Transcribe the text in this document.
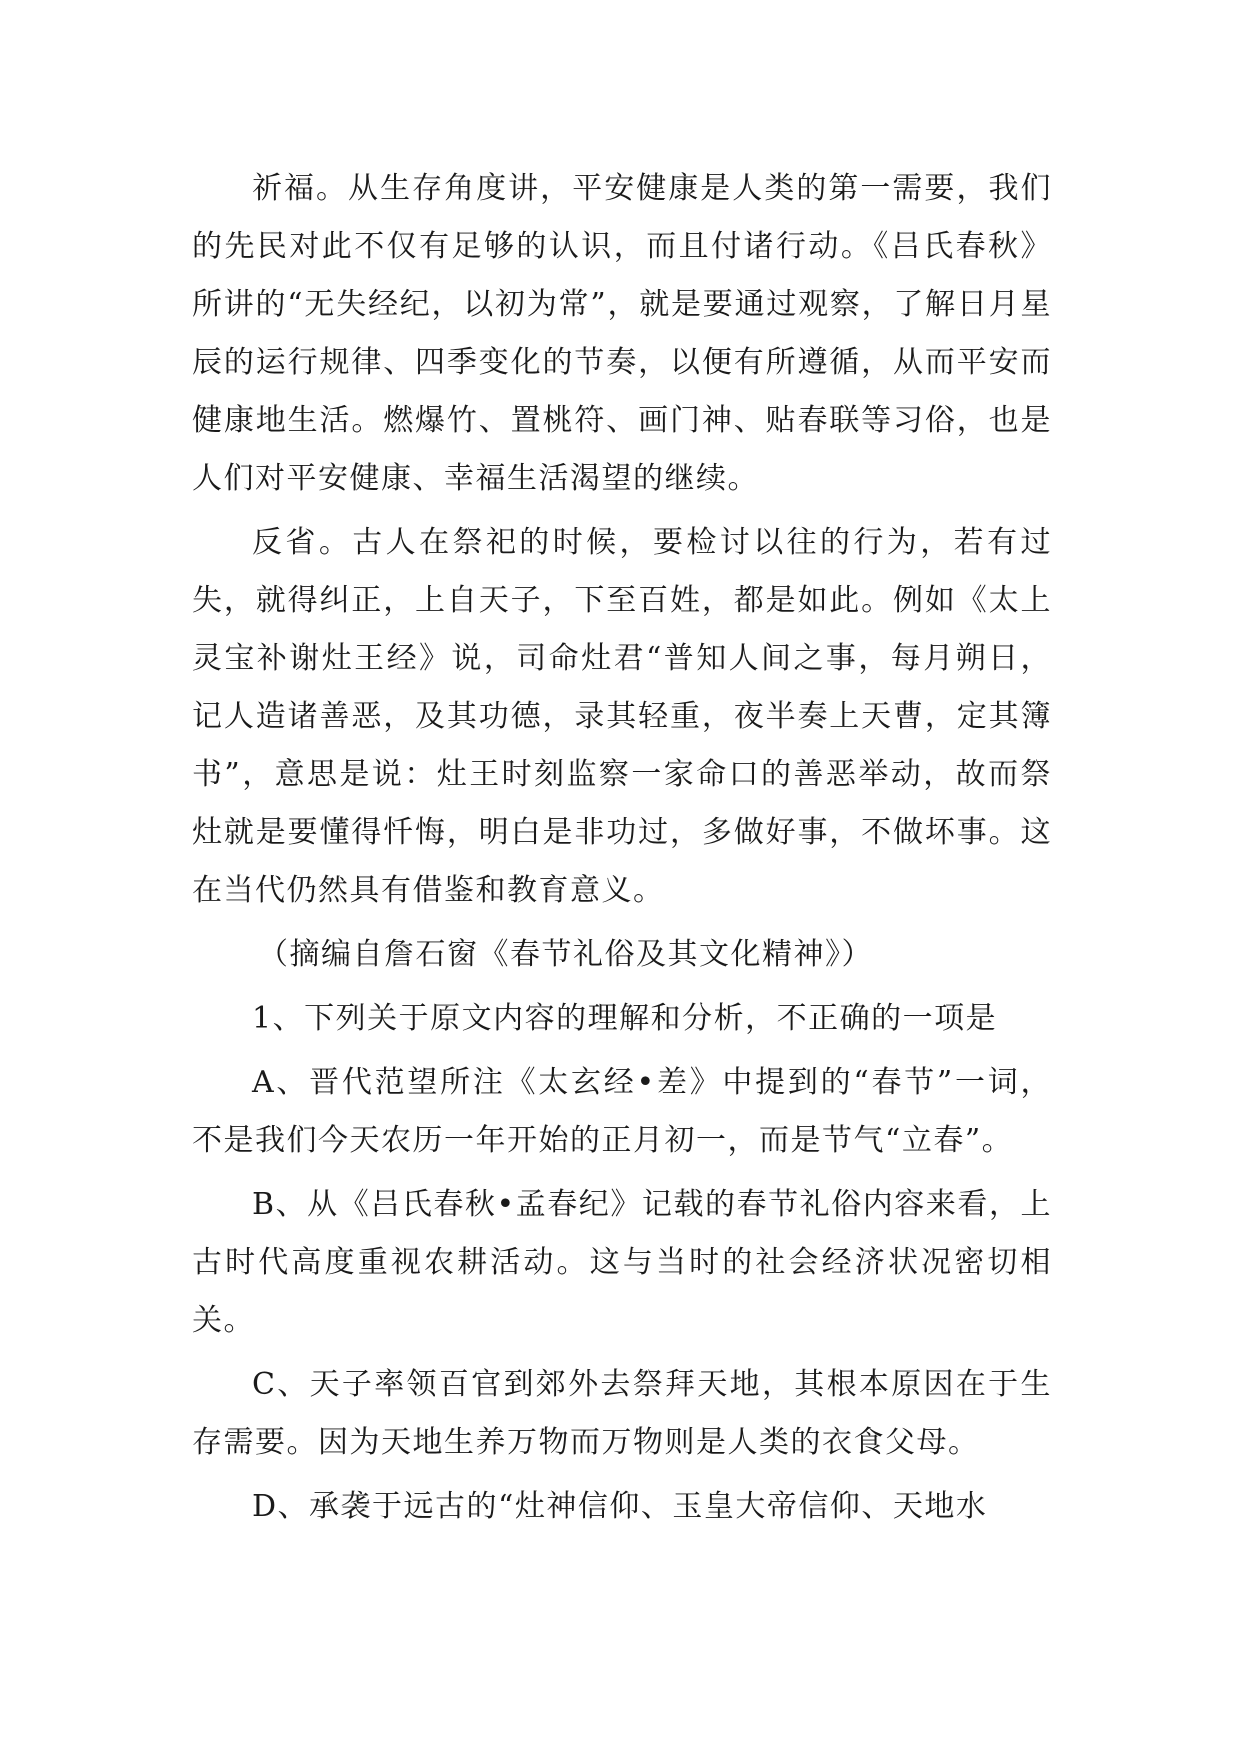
祈福。从生存角度讲，平安健康是人类的第一需要，我们的先民对此不仅有足够的认识，而且付诸行动。《吕氏春秋》所讲的“无失经纪，以初为常”，就是要通过观察，了解日月星辰的运行规律、四季变化的节奏，以便有所遵循，从而平安而健康地生活。燃爆竹、置桃符、画门神、贴春联等习俗，也是人们对平安健康、幸福生活渴望的继续。

反省。古人在祭祀的时候，要检讨以往的行为，若有过失，就得纠正，上自天子，下至百姓，都是如此。例如《太上灵宝补谢灶王经》说，司命灶君“普知人间之事，每月朔日，记人造诸善恶，及其功德，录其轻重，夜半奏上天曹，定其簿书”，意思是说：灶王时刻监察一家命口的善恶举动，故而祭灶就是要懂得忏悔，明白是非功过，多做好事，不做坏事。这在当代仍然具有借鉴和教育意义。

（摘编自詹石窗《春节礼俗及其文化精神》）

1、下列关于原文内容的理解和分析，不正确的一项是

A、晋代范望所注《太玄经•差》中提到的“春节”一词，不是我们今天农历一年开始的正月初一，而是节气“立春”。

B、从《吕氏春秋•孟春纪》记载的春节礼俗内容来看，上古时代高度重视农耕活动。这与当时的社会经济状况密切相关。

C、天子率领百官到郊外去祭拜天地，其根本原因在于生存需要。因为天地生养万物而万物则是人类的衣食父母。

D、承袭于远古的“灶神信仰、玉皇大帝信仰、天地水
